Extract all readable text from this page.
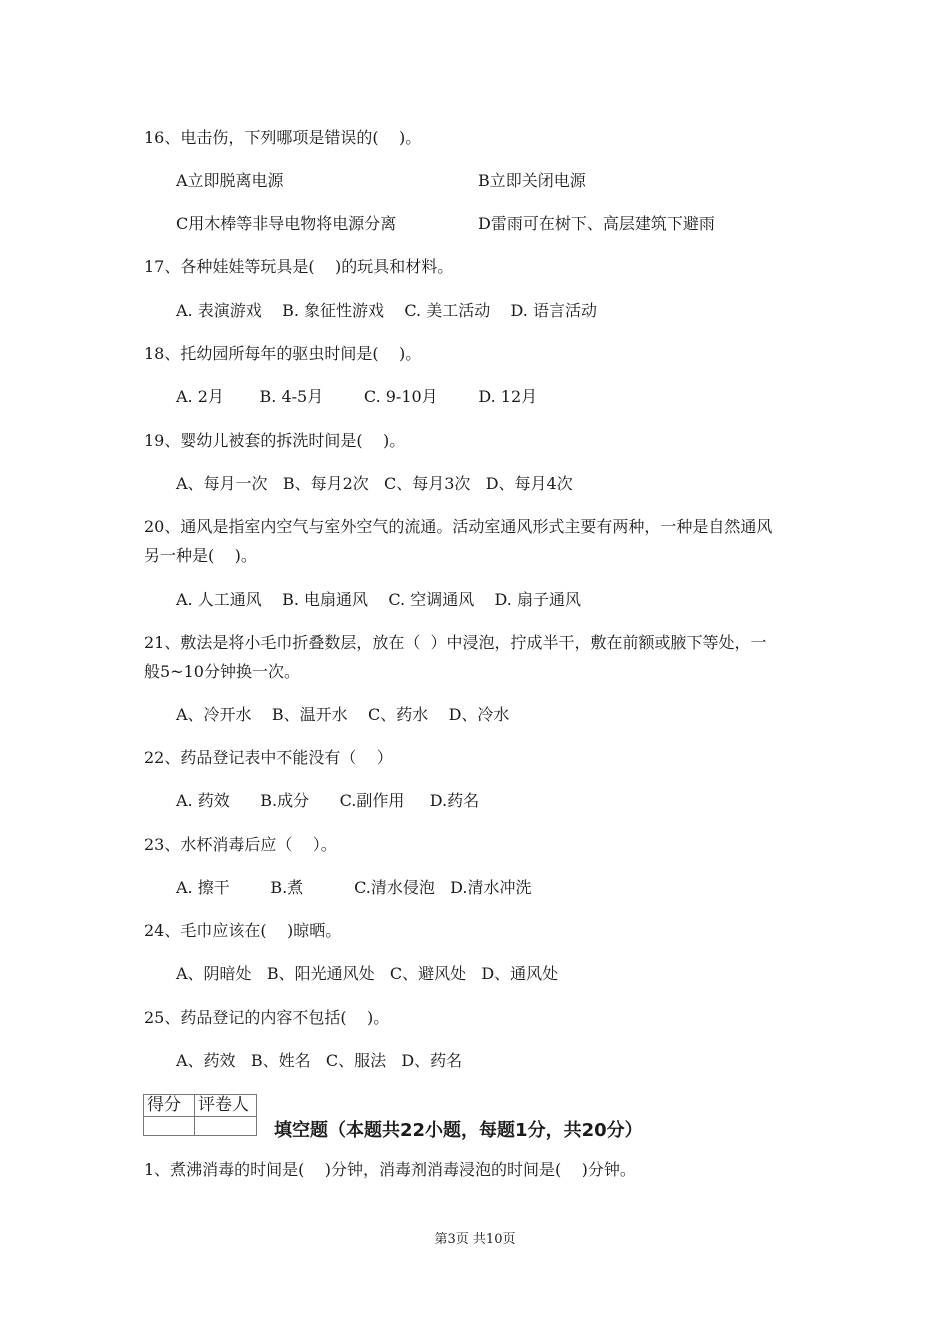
16、电击伤，下列哪项是错误的(    )。
A立即脱离电源	B立即关闭电源
C用木棒等非导电物将电源分离	D雷雨可在树下、高层建筑下避雨
17、各种娃娃等玩具是(    )的玩具和材料。
A. 表演游戏    B. 象征性游戏    C. 美工活动    D. 语言活动
18、托幼园所每年的驱虫时间是(    )。
A. 2月       B. 4-5月        C. 9-10月        D. 12月
19、婴幼儿被套的拆洗时间是(    )。
A、每月一次   B、每月2次   C、每月3次   D、每月4次
20、通风是指室内空气与室外空气的流通。活动室通风形式主要有两种，一种是自然通风
另一种是(    )。
A. 人工通风    B. 电扇通风    C. 空调通风    D. 扇子通风
21、敷法是将小毛巾折叠数层，放在（  ）中浸泡，拧成半干，敷在前额或腋下等处，一
般5~10分钟换一次。
A、冷开水    B、温开水    C、药水    D、冷水
22、药品登记表中不能没有（    ）
A. 药效      B.成分      C.副作用     D.药名
23、水杯消毒后应（    ）。
A. 擦干        B.煮          C.清水侵泡   D.清水冲洗
24、毛巾应该在(    )晾晒。
A、阴暗处   B、阳光通风处   C、避风处   D、通风处
25、药品登记的内容不包括(    )。
A、药效   B、姓名   C、服法   D、药名
得分	评卷人

填空题（本题共22小题，每题1分，共20分）
1、煮沸消毒的时间是(    )分钟，消毒剂消毒浸泡的时间是(    )分钟。
第3页 共10页
